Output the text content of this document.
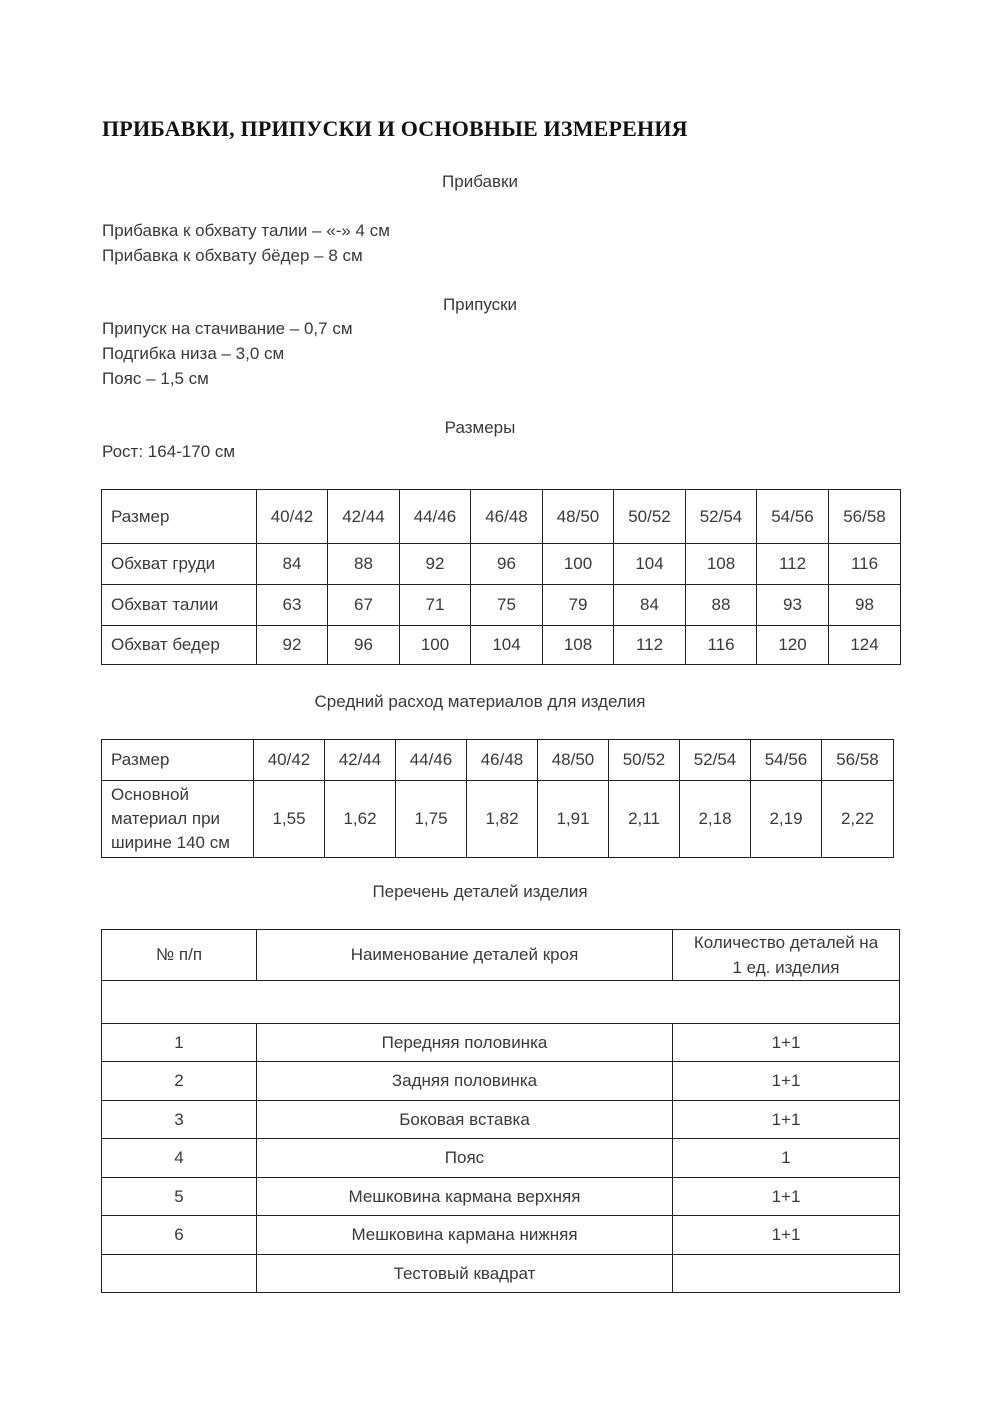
ПРИБАВКИ, ПРИПУСКИ И ОСНОВНЫЕ ИЗМЕРЕНИЯ
Прибавки
Прибавка к обхвату талии – «-» 4 см
Прибавка к обхвату бёдер – 8 см
Припуски
Припуск на стачивание – 0,7 см
Подгибка низа – 3,0 см
Пояс – 1,5 см
Размеры
Рост: 164-170 см
Размер	40/42	42/44	44/46	46/48	48/50	50/52	52/54	54/56	56/58
Обхват груди	84	88	92	96	100	104	108	112	116
Обхват талии	63	67	71	75	79	84	88	93	98
Обхват бедер	92	96	100	104	108	112	116	120	124
Средний расход материалов для изделия
Размер	40/42	42/44	44/46	46/48	48/50	50/52	52/54	54/56	56/58

Основной
материал при
ширине 140 см	1,55	1,62	1,75	1,82	1,91	2,11	2,18	2,19	2,22
Перечень деталей изделия
№ п/п	Наименование деталей кроя	Количество деталей на
1 ед. изделия

1	Передняя половинка	1+1
2	Задняя половинка	1+1
3	Боковая вставка	1+1
4	Пояс	1
5	Мешковина кармана верхняя	1+1
6	Мешковина кармана нижняя	1+1
	Тестовый квадрат	
